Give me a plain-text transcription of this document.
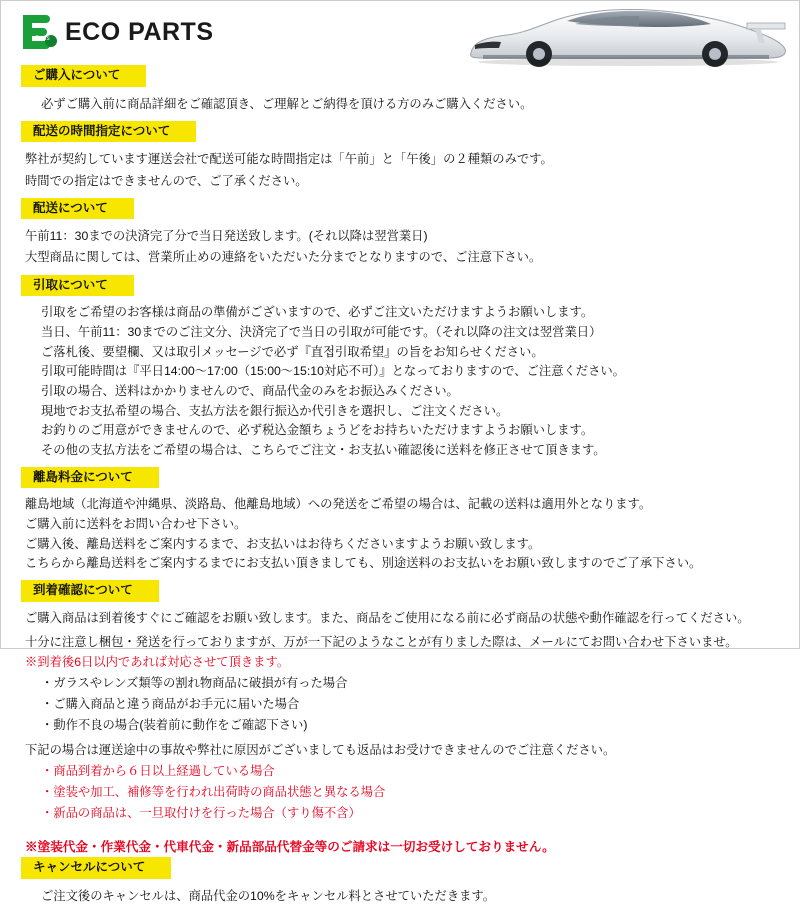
Parts ECO PARTS
ご購入について

必ずご購入前に商品詳細をご確認頂き、ご理解とご納得を頂ける方のみご購入ください。

配送の時間指定について

弊社が契約しています運送会社で配送可能な時間指定は「午前」と「午後」の２種類のみです。

時間での指定はできませんので、ご了承ください。

配送について

午前11：30までの決済完了分で当日発送致します。(それ以降は翌営業日)

大型商品に関しては、営業所止めの連絡をいただいた分までとなりますので、ご注意下さい。

引取について

引取をご希望のお客様は商品の準備がございますので、必ずご注文いただけますようお願いします。

当日、午前11：30までのご注文分、決済完了で当日の引取が可能です。（それ以降の注文は翌営業日）

ご落札後、要望欄、又は取引メッセージで必ず『直접引取希望』の旨をお知らせください。

引取可能時間は『平日14:00〜17:00（15:00〜15:10対応不可）』となっておりますので、ご注意ください。

引取の場合、送料はかかりませんので、商品代金のみをお振込みください。

現地でお支払希望の場合、支払方法を銀行振込か代引きを選択し、ご注文ください。

お釣りのご用意ができませんので、必ず税込金額ちょうどをお持ちいただけますようお願いします。

その他の支払方法をご希望の場合は、こちらでご注文・お支払い確認後に送料を修正させて頂きます。

離島料金について

離島地域（北海道や沖縄県、淡路島、他離島地域）への発送をご希望の場合は、記載の送料は適用外となります。

ご購入前に送料をお問い合わせ下さい。

ご購入後、離島送料をご案内するまで、お支払いはお待ちくださいますようお願い致します。

こちらから離島送料をご案内するまでにお支払い頂きましても、別途送料のお支払いをお願い致しますのでご了承下さい。

到着確認について

ご購入商品は到着後すぐにご確認をお願い致します。また、商品をご使用になる前に必ず商品の状態や動作確認を行ってください。

十分に注意し梱包・発送を行っておりますが、万が一下記のようなことが有りました際は、メールにてお問い合わせ下さいませ。

※到着後6日以内であれば対応させて頂きます。

・ ガラスやレンズ類等の割れ物商品に破損が有った場合
・ ご購入商品と違う商品がお手元に届いた場合
・ 動作不良の場合(装着前に動作をご確認下さい)

下記の場合は運送途中の事故や弊社に原因がございましても返品はお受けできませんのでご注意ください。

・ 商品到着から６日以上経過している場合
・ 塗装や加工、補修等を行われ出荷時の商品状態と異なる場合
・ 新品の商品は、一旦取付けを行った場合（すり傷不含）
※塗装代金・作業代金・代車代金・新品部品代替金等のご請求は一切お受けしておりません。
キャンセルについて

ご注文後のキャンセルは、商品代金の10%をキャンセル料とさせていただきます。
